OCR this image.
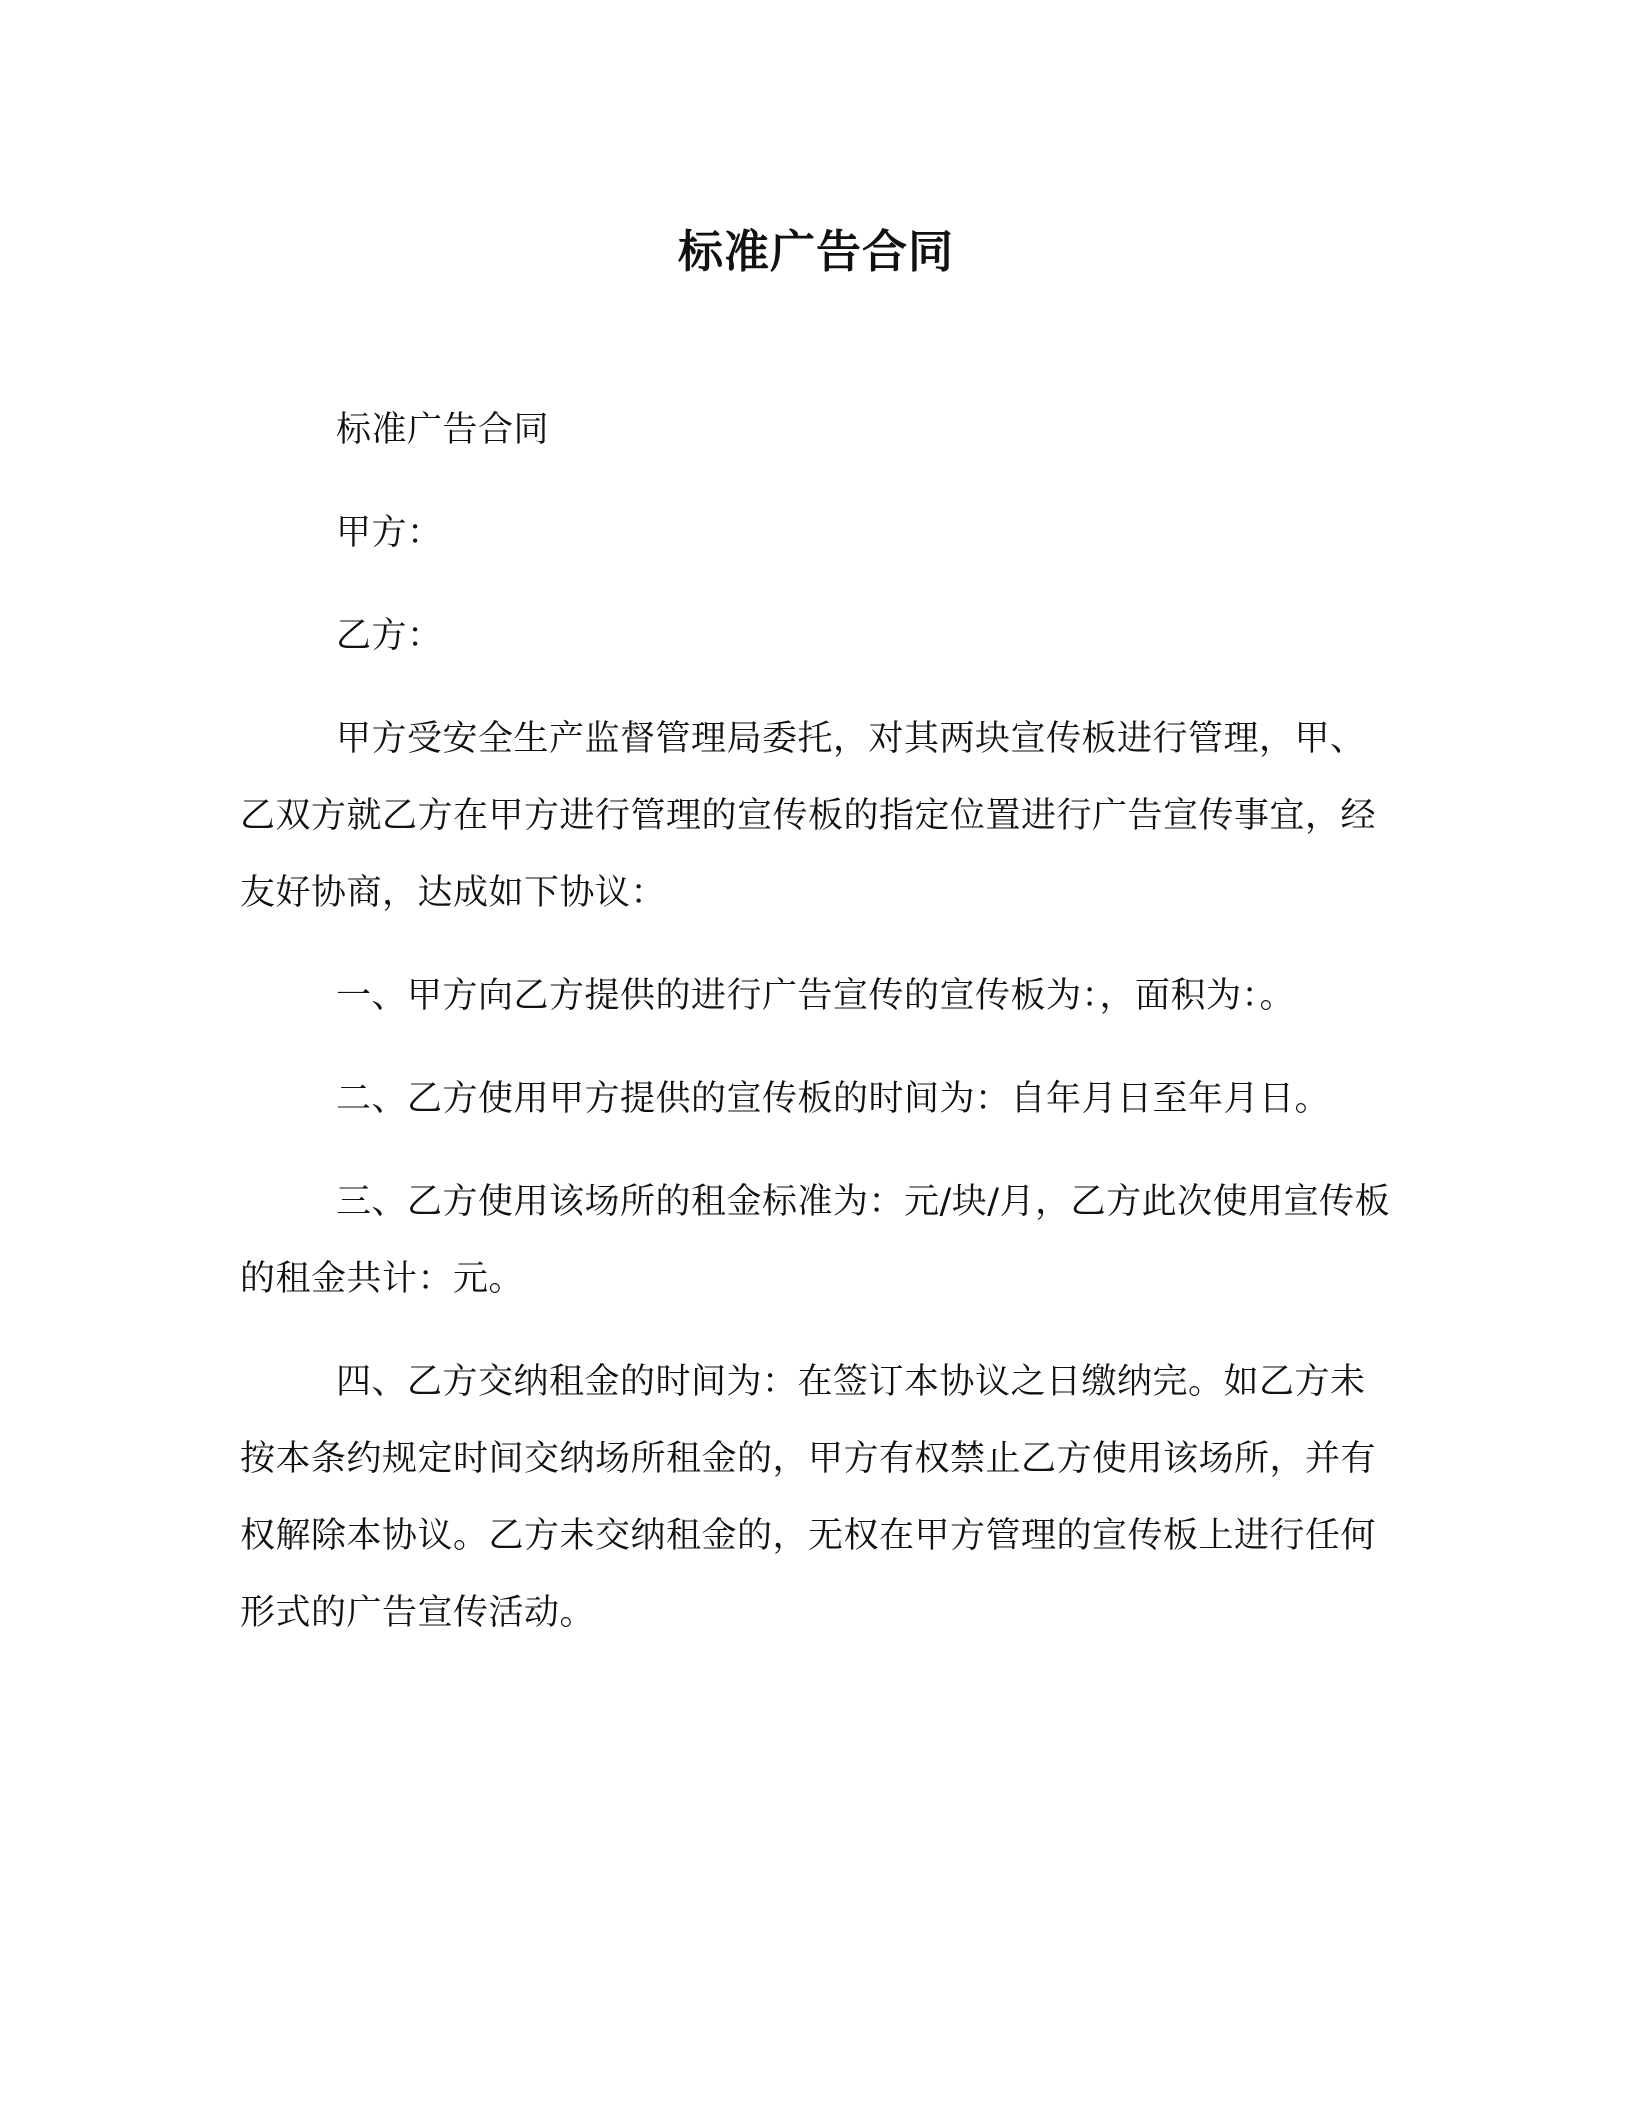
标准广告合同

标准广告合同

甲方：

乙方：

甲方受安全生产监督管理局委托，对其两块宣传板进行管理，甲、乙双方就乙方在甲方进行管理的宣传板的指定位置进行广告宣传事宜，经友好协商，达成如下协议：

一、甲方向乙方提供的进行广告宣传的宣传板为：，面积为：。

二、乙方使用甲方提供的宣传板的时间为：自年月日至年月日。

三、乙方使用该场所的租金标准为：元/块/月，乙方此次使用宣传板的租金共计：元。

四、乙方交纳租金的时间为：在签订本协议之日缴纳完。如乙方未按本条约规定时间交纳场所租金的，甲方有权禁止乙方使用该场所，并有权解除本协议。乙方未交纳租金的，无权在甲方管理的宣传板上进行任何形式的广告宣传活动。
